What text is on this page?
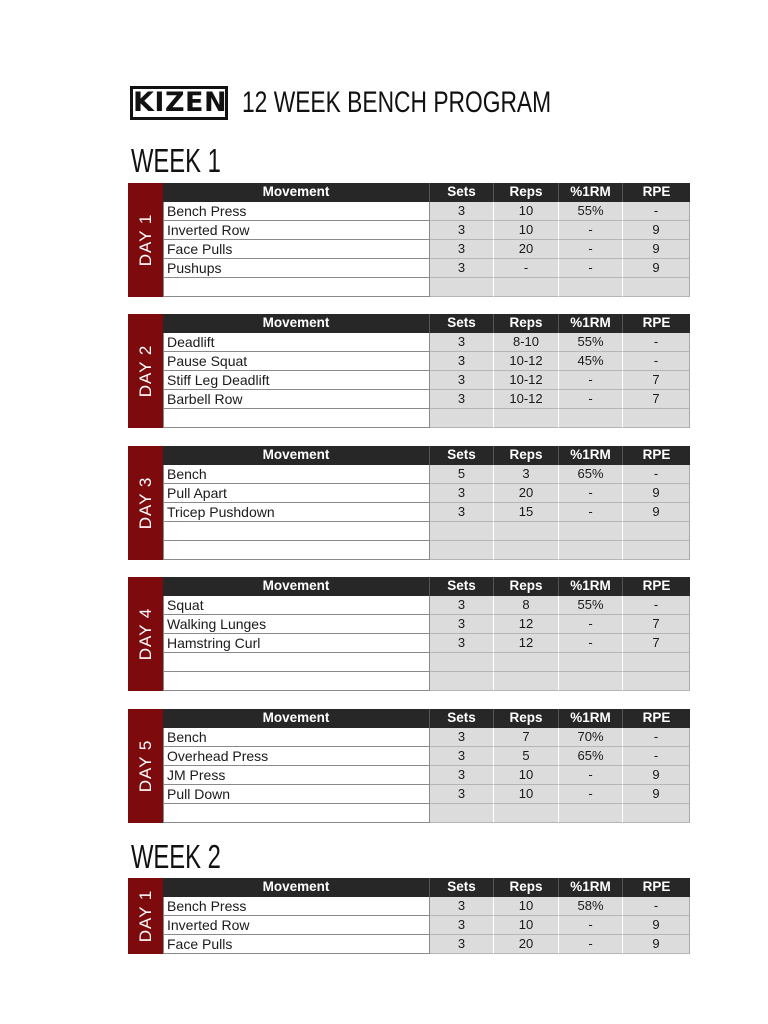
KIZEN 12 WEEK BENCH PROGRAM
WEEK 1
DAY 1
Movement	Sets	Reps	%1RM	RPE
Bench Press	3	10	55%	-
Inverted Row	3	10	-	9
Face Pulls	3	20	-	9
Pushups	3	-	-	9
DAY 2
Movement	Sets	Reps	%1RM	RPE
Deadlift	3	8-10	55%	-
Pause Squat	3	10-12	45%	-
Stiff Leg Deadlift	3	10-12	-	7
Barbell Row	3	10-12	-	7
DAY 3
Movement	Sets	Reps	%1RM	RPE
Bench	5	3	65%	-
Pull Apart	3	20	-	9
Tricep Pushdown	3	15	-	9
DAY 4
Movement	Sets	Reps	%1RM	RPE
Squat	3	8	55%	-
Walking Lunges	3	12	-	7
Hamstring Curl	3	12	-	7
DAY 5
Movement	Sets	Reps	%1RM	RPE
Bench	3	7	70%	-
Overhead Press	3	5	65%	-
JM Press	3	10	-	9
Pull Down	3	10	-	9
WEEK 2
DAY 1
Movement	Sets	Reps	%1RM	RPE
Bench Press	3	10	58%	-
Inverted Row	3	10	-	9
Face Pulls	3	20	-	9
